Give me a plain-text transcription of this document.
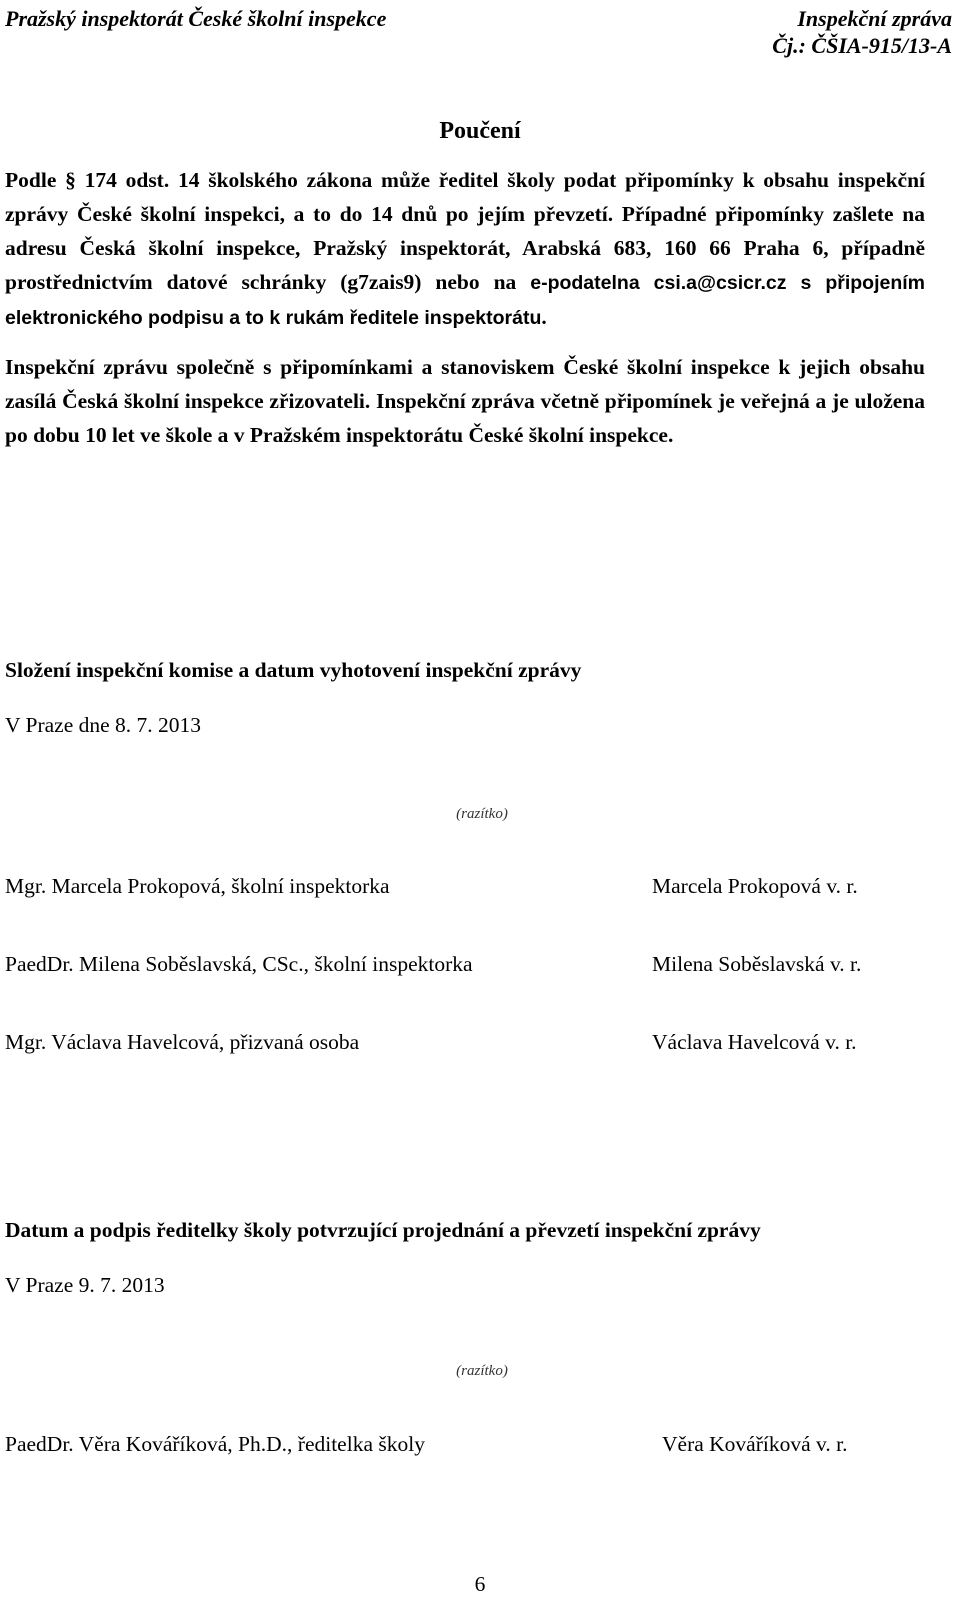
Pražský inspektorát České školní inspekce	Inspekční zpráva
Čj.: ČŠIA-915/13-A
Poučení

Podle § 174 odst. 14 školského zákona může ředitel školy podat připomínky k obsahu inspekční zprávy České školní inspekci, a to do 14 dnů po jejím převzetí. Případné připomínky zašlete na adresu Česká školní inspekce, Pražský inspektorát, Arabská 683, 160 66 Praha 6, případně prostřednictvím datové schránky (g7zais9) nebo na e-podatelna csi.a@csicr.cz s připojením elektronického podpisu a to k rukám ředitele inspektorátu.

Inspekční zprávu společně s připomínkami a stanoviskem České školní inspekce k jejich obsahu zasílá Česká školní inspekce zřizovateli. Inspekční zpráva včetně připomínek je veřejná a je uložena po dobu 10 let ve škole a v Pražském inspektorátu České školní inspekce.

Složení inspekční komise a datum vyhotovení inspekční zprávy
V Praze dne 8. 7. 2013
(razítko)
Mgr. Marcela Prokopová, školní inspektorka	Marcela Prokopová v. r.
PaedDr. Milena Soběslavská, CSc., školní inspektorka	Milena Soběslavská v. r.
Mgr. Václava Havelcová, přizvaná osoba	Václava Havelcová v. r.
Datum a podpis ředitelky školy potvrzující projednání a převzetí inspekční zprávy
V Praze 9. 7. 2013
(razítko)
PaedDr. Věra Kováříková, Ph.D., ředitelka školy	Věra Kováříková v. r.
6
